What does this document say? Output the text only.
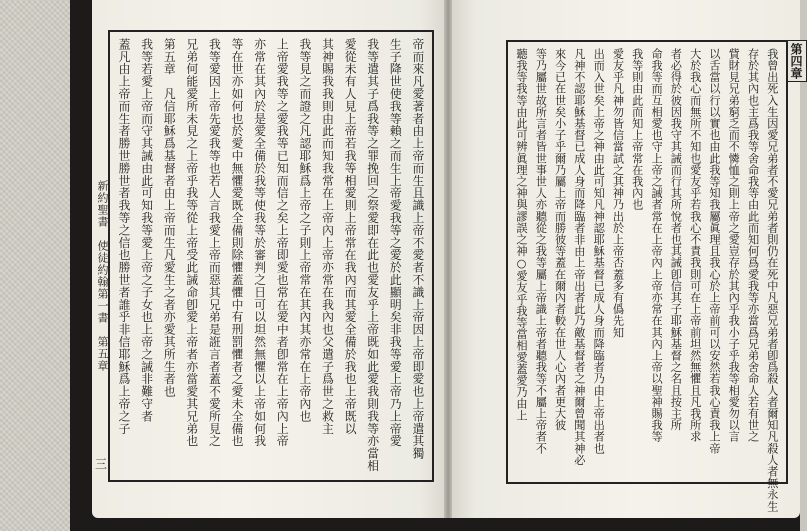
新約聖書　使徒約翰第一書　第五章
三
帝而來凡愛著者由上帝而生且識上帝不愛者不識上帝因上帝即愛也上帝遣其獨
生子降世使我等賴之而生上帝愛我等之愛於此顯明矣非我等愛上帝乃上帝愛
我等遣其子爲我等之罪挽回之祭愛即在此也愛友乎上帝既如此愛我則我等亦當相
愛從未有人見上帝若我等相愛則上帝常在我內而其愛全備於我也上帝既以
其神賜我我則由此而知我常在上帝內上帝亦常在我內也父遣子爲世之救主
我等見之而證之凡認耶穌爲上帝之子則上帝常在其內其亦常在上帝內也
上帝愛我等之愛我等已知而信之矣上帝即愛也常在愛中者卽常在上帝內上帝
亦常在其內於是愛全備於我等使我等於審判之日可以坦然無懼以上帝如何我
等在世亦如何也於愛中無懼愛既全備則除懼蓋懼中有刑罰懼者之愛未全備也
我等愛因上帝先愛我等也若人言我愛上帝而惡其兄弟是誑言者蓋不愛所見之
兄弟何能愛所未見之上帝乎我等從上帝受此誡命卽愛上帝者亦當愛其兄弟也
第五章　凡信耶穌爲基督者由上帝而生凡愛生之者亦愛其所生者也
我等若愛上帝而守其誡由此可知我等愛上帝之子女也上帝之誡非難守者
蓋凡由上帝而生者勝世勝世者我等之信也勝世者誰乎非信耶穌爲上帝之子	第四章
我曾出死入生因愛兄弟者不愛兄弟者則仍在死中凡惡兄弟者卽爲殺人者爾知凡殺人者無永生
存於其內也主爲我等舍命我等由此而知何爲愛我等亦當爲兄弟舍命人若有世之
貲財見兄弟窮乏而不憐恤之則上帝之愛豈存於其內乎我小子乎我等相愛勿以言
以舌當以行以實也由此我等知我屬眞理且我心於上帝前可以安然若我心責我上帝
大於我心而無所不知也愛友乎若我心不責我則可在上帝前坦然無懼且凡我所求
者必得於彼因我守其誡而行其所悅者也其誡卽信其子耶穌基督之名且按主所
命我等而互相愛也守上帝之誡者常在上帝內上帝亦常在其內上帝以聖神賜我等
我等則由此而知上帝常在我內也
愛友乎凡神勿皆信當試之其神乃出於上帝否蓋多有僞先知
出而入世矣上帝之神由此可知凡神認耶穌基督已成人身而降臨者乃由上帝出者也
凡神不認耶穌基督已成人身而降臨者非由上帝出者此乃敵基督者之神爾曾聞其神必
來今已在世矣小子乎爾乃屬上帝而勝彼等蓋在爾內者較在世人心內者更大彼
等乃屬世故所言者皆世事世人亦聽從之我等屬上帝識上帝者聽我等不屬上帝者不
聽我等我等由此可辨眞理之神與謬誤之神○愛友乎我等當相愛蓋愛乃由上
